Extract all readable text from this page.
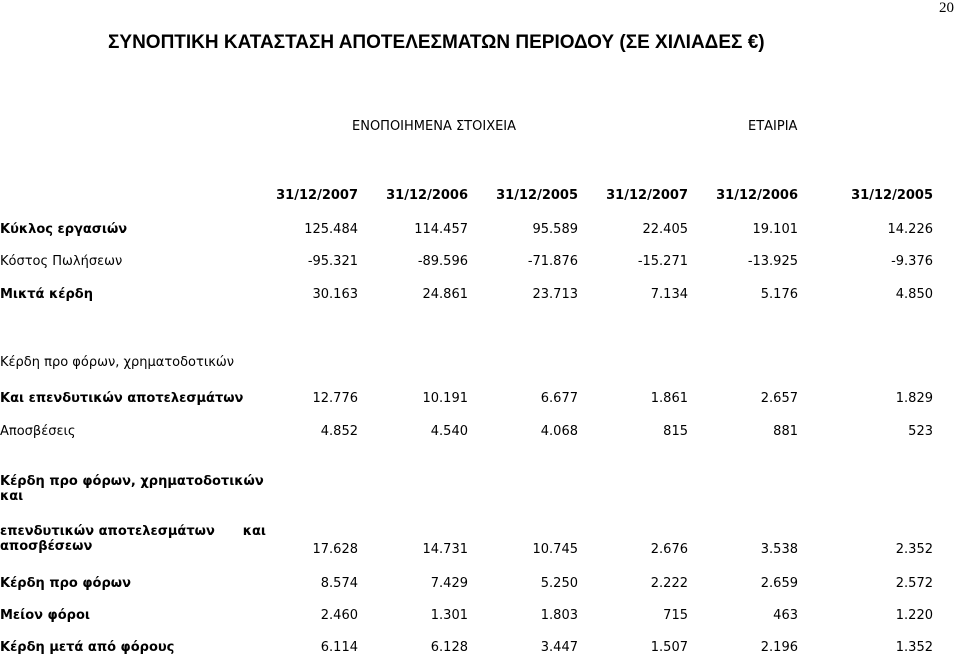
20
ΣΥΝΟΠΤΙΚΗ ΚΑΤΑΣΤΑΣΗ ΑΠΟΤΕΛΕΣΜΑΤΩΝ ΠΕΡΙΟΔΟΥ (ΣΕ ΧΙΛΙΑΔΕΣ €)
ΕΝΟΠΟΙΗΜΕΝΑ ΣΤΟΙΧΕΙΑ	ΕΤΑΙΡΙΑ
31/12/2007	31/12/2006	31/12/2005	31/12/2007	31/12/2006	31/12/2005
Κύκλος εργασιών	125.484	114.457	95.589	22.405	19.101	14.226
Κόστος Πωλήσεων	-95.321	-89.596	-71.876	-15.271	-13.925	-9.376
Μικτά κέρδη	30.163	24.861	23.713	7.134	5.176	4.850
Κέρδη προ φόρων, χρηματοδοτικών
Και επενδυτικών αποτελεσμάτων	12.776	10.191	6.677	1.861	2.657	1.829
Αποσβέσεις	4.852	4.540	4.068	815	881	523
Κέρδη προ φόρων, χρηματοδοτικών
και
επενδυτικών αποτελεσμάτων και
αποσβέσεων	17.628	14.731	10.745	2.676	3.538	2.352
Κέρδη προ φόρων	8.574	7.429	5.250	2.222	2.659	2.572
Μείον φόροι	2.460	1.301	1.803	715	463	1.220
Κέρδη μετά από φόρους	6.114	6.128	3.447	1.507	2.196	1.352
